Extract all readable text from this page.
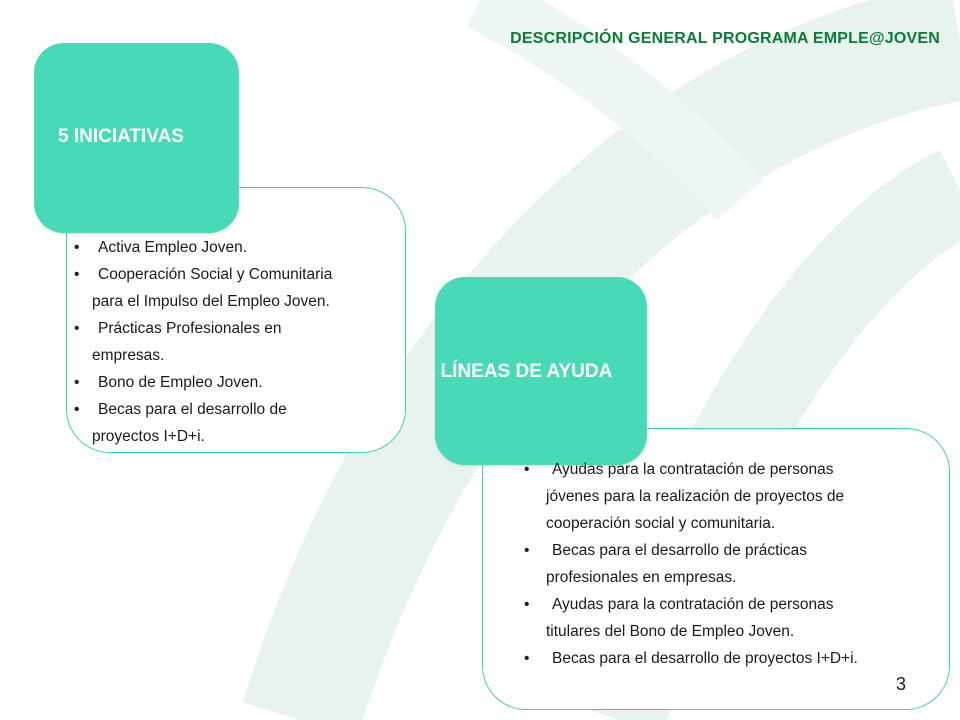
DESCRIPCIÓN GENERAL PROGRAMA EMPLE@JOVEN
5 INICIATIVAS
• Activa Empleo Joven.
• Cooperación Social y Comunitaria
para el Impulso del Empleo Joven.
• Prácticas Profesionales en
empresas.
• Bono de Empleo Joven.
• Becas para el desarrollo de
proyectos I+D+i.
. LÍNEAS DE AYUDA
• Ayudas para la contratación de personas
jóvenes para la realización de proyectos de
cooperación social y comunitaria.
• Becas para el desarrollo de prácticas
profesionales en empresas.
• Ayudas para la contratación de personas
titulares del Bono de Empleo Joven.
• Becas para el desarrollo de proyectos I+D+i.
3
